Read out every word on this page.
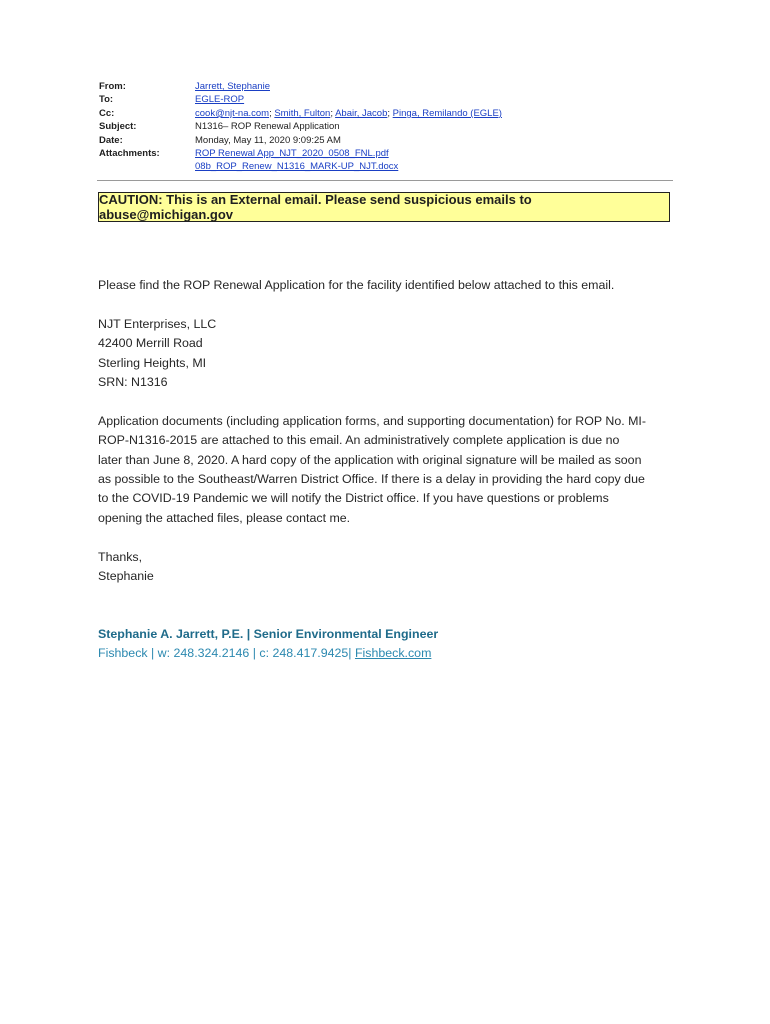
From:	Jarrett, Stephanie
To:	EGLE-ROP
Cc:	cook@njt-na.com; Smith, Fulton; Abair, Jacob; Pinga, Remilando (EGLE)
Subject:	N1316– ROP Renewal Application
Date:	Monday, May 11, 2020 9:09:25 AM
Attachments:	ROP Renewal App_NJT_2020_0508_FNL.pdf
08b_ROP_Renew_N1316_MARK-UP_NJT.docx
CAUTION: This is an External email. Please send suspicious emails to abuse@michigan.gov

Please find the ROP Renewal Application for the facility identified below attached to this email.

NJT Enterprises, LLC
42400 Merrill Road
Sterling Heights, MI
SRN: N1316

Application documents (including application forms, and supporting documentation) for ROP No. MI-
ROP-N1316-2015 are attached to this email. An administratively complete application is due no
later than June 8, 2020. A hard copy of the application with original signature will be mailed as soon
as possible to the Southeast/Warren District Office. If there is a delay in providing the hard copy due
to the COVID-19 Pandemic we will notify the District office. If you have questions or problems
opening the attached files, please contact me.

Thanks,
Stephanie

Stephanie A. Jarrett, P.E. | Senior Environmental Engineer
Fishbeck | w: 248.324.2146 | c: 248.417.9425| Fishbeck.com
